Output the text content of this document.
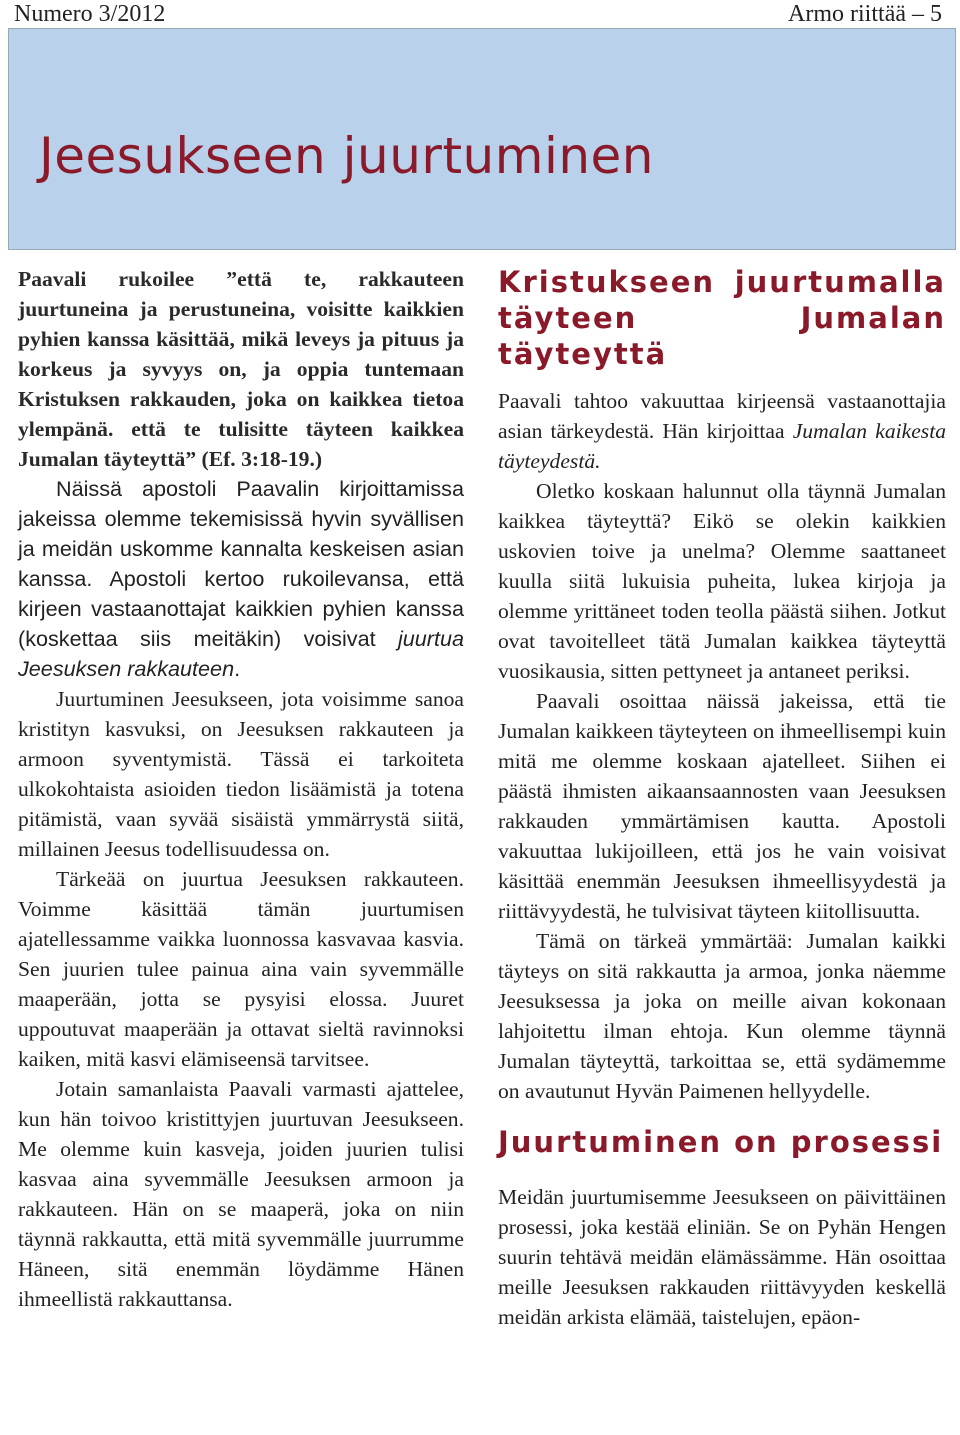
Numero 3/2012	Armo riittää – 5
Jeesukseen juurtuminen

Paavali rukoilee ”että te, rakkauteen juurtuneina ja perustuneina, voisitte kaikkien pyhien kanssa käsittää, mikä leveys ja pituus ja korkeus ja syvyys on, ja oppia tuntemaan Kristuksen rakkauden, joka on kaikkea tietoa ylempänä. että te tulisitte täyteen kaikkea Jumalan täyteyttä” (Ef. 3:18-19.)

Näissä apostoli Paavalin kirjoittamissa jakeissa olemme tekemisissä hyvin syvällisen ja meidän uskomme kannalta keskeisen asian kanssa. Apostoli kertoo rukoilevansa, että kirjeen vastaanottajat kaikkien pyhien kanssa (koskettaa siis meitäkin) voisivat juurtua Jeesuksen rakkauteen.

Juurtuminen Jeesukseen, jota voisimme sanoa kristityn kasvuksi, on Jeesuksen rakkauteen ja armoon syventymistä. Tässä ei tarkoiteta ulkokohtaista asioiden tiedon lisäämistä ja totena pitämistä, vaan syvää sisäistä ymmärrystä siitä, millainen Jeesus todellisuudessa on.

Tärkeää on juurtua Jeesuksen rakkauteen. Voimme käsittää tämän juurtumisen ajatellessamme vaikka luonnossa kasvavaa kasvia. Sen juurien tulee painua aina vain syvemmälle maaperään, jotta se pysyisi elossa. Juuret uppoutuvat maaperään ja ottavat sieltä ravinnoksi kaiken, mitä kasvi elämiseensä tarvitsee.

Jotain samanlaista Paavali varmasti ajattelee, kun hän toivoo kristittyjen juurtuvan Jeesukseen. Me olemme kuin kasveja, joiden juurien tulisi kasvaa aina syvemmälle Jeesuksen armoon ja rakkauteen. Hän on se maaperä, joka on niin täynnä rakkautta, että mitä syvemmälle juurrumme Häneen, sitä enemmän löydämme Hänen ihmeellistä rakkauttansa.

Kristukseen juurtumalla täyteen Jumalan täyteyttä

Paavali tahtoo vakuuttaa kirjeensä vastaanottajia asian tärkeydestä. Hän kirjoittaa Jumalan kaikesta täyteydestä.

Oletko koskaan halunnut olla täynnä Jumalan kaikkea täyteyttä? Eikö se olekin kaikkien uskovien toive ja unelma? Olemme saattaneet kuulla siitä lukuisia puheita, lukea kirjoja ja olemme yrittäneet toden teolla päästä siihen. Jotkut ovat tavoitelleet tätä Jumalan kaikkea täyteyttä vuosikausia, sitten pettyneet ja antaneet periksi.

Paavali osoittaa näissä jakeissa, että tie Jumalan kaikkeen täyteyteen on ihmeellisempi kuin mitä me olemme koskaan ajatelleet. Siihen ei päästä ihmisten aikaansaannosten vaan Jeesuksen rakkauden ymmärtämisen kautta. Apostoli vakuuttaa lukijoilleen, että jos he vain voisivat käsittää enemmän Jeesuksen ihmeellisyydestä ja riittävyydestä, he tulvisivat täyteen kiitollisuutta.

Tämä on tärkeä ymmärtää: Jumalan kaikki täyteys on sitä rakkautta ja armoa, jonka näemme Jeesuksessa ja joka on meille aivan kokonaan lahjoitettu ilman ehtoja. Kun olemme täynnä Jumalan täyteyttä, tarkoittaa se, että sydämemme on avautunut Hyvän Paimenen hellyydelle.

Juurtuminen on prosessi

Meidän juurtumisemme Jeesukseen on päivittäinen prosessi, joka kestää eliniän. Se on Pyhän Hengen suurin tehtävä meidän elämässämme. Hän osoittaa meille Jeesuksen rakkauden riittävyyden keskellä meidän arkista elämää, taistelujen, epäon-
